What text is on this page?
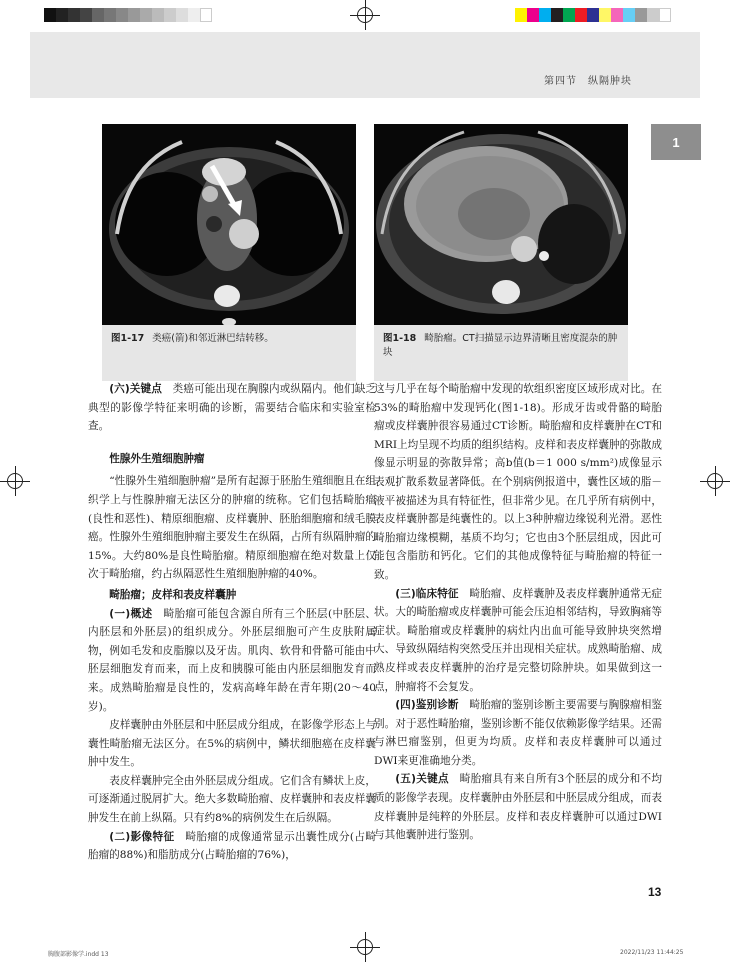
第四节　纵隔肿块
1
图1-17 类癌(箭)和邻近淋巴结转移。	图1-18 畸胎瘤。CT扫描显示边界清晰且密度混杂的肿块

(六)关键点　 类癌可能出现在胸腺内或纵隔内。他们缺乏典型的影像学特征来明确的诊断，需要结合临床和实验室检查。

性腺外生殖细胞肿瘤

“性腺外生殖细胞肿瘤”是所有起源于胚胎生殖细胞且在组织学上与性腺肿瘤无法区分的肿瘤的统称。它们包括畸胎瘤(良性和恶性)、精原细胞瘤、皮样囊肿、胚胎细胞瘤和绒毛膜癌。性腺外生殖细胞肿瘤主要发生在纵隔，占所有纵隔肿瘤的15%。大约80%是良性畸胎瘤。精原细胞瘤在绝对数量上仅次于畸胎瘤，约占纵隔恶性生殖细胞肿瘤的40%。

畸胎瘤；皮样和表皮样囊肿

(一)概述　 畸胎瘤可能包含源自所有三个胚层(中胚层、内胚层和外胚层)的组织成分。外胚层细胞可产生皮肤附属物，例如毛发和皮脂腺以及牙齿。肌肉、软骨和骨骼可能由中胚层细胞发育而来，而上皮和胰腺可能由内胚层细胞发育而来。成熟畸胎瘤是良性的，发病高峰年龄在青年期(20～40岁)。

皮样囊肿由外胚层和中胚层成分组成，在影像学形态上与囊性畸胎瘤无法区分。在5%的病例中，鳞状细胞癌在皮样囊肿中发生。

表皮样囊肿完全由外胚层成分组成。它们含有鳞状上皮，可逐渐通过脱屑扩大。绝大多数畸胎瘤、皮样囊肿和表皮样囊肿发生在前上纵隔。只有约8%的病例发生在后纵隔。

(二)影像特征　 畸胎瘤的成像通常显示出囊性成分(占畸胎瘤的88%)和脂肪成分(占畸胎瘤的76%)，

这与几乎在每个畸胎瘤中发现的软组织密度区域形成对比。在53%的畸胎瘤中发现钙化(图1-18)。形成牙齿或骨骼的畸胎瘤或皮样囊肿很容易通过CT诊断。畸胎瘤和皮样囊肿在CT和MRI上均呈现不均质的组织结构。皮样和表皮样囊肿的弥散成像显示明显的弥散异常；高b值(b＝1 000 s/mm²)成像显示表观扩散系数显著降低。在个别病例报道中，囊性区域的脂－液平被描述为具有特征性，但非常少见。在几乎所有病例中，表皮样囊肿都是纯囊性的。以上3种肿瘤边缘锐利光滑。恶性畸胎瘤边缘模糊，基质不均匀；它也由3个胚层组成，因此可能包含脂肪和钙化。它们的其他成像特征与畸胎瘤的特征一致。

(三)临床特征　 畸胎瘤、皮样囊肿及表皮样囊肿通常无症状。大的畸胎瘤或皮样囊肿可能会压迫相邻结构，导致胸痛等症状。畸胎瘤或皮样囊肿的病灶内出血可能导致肿块突然增大、导致纵隔结构突然受压并出现相关症状。成熟畸胎瘤、成熟皮样或表皮样囊肿的治疗是完整切除肿块。如果做到这一点，肿瘤将不会复发。

(四)鉴别诊断　 畸胎瘤的鉴别诊断主要需要与胸腺瘤相鉴别。对于恶性畸胎瘤，鉴别诊断不能仅依赖影像学结果。还需与淋巴瘤鉴别，但更为均质。皮样和表皮样囊肿可以通过DWI来更准确地分类。

(五)关键点　 畸胎瘤具有来自所有3个胚层的成分和不均质的影像学表现。皮样囊肿由外胚层和中胚层成分组成，而表皮样囊肿是纯粹的外胚层。皮样和表皮样囊肿可以通过DWI与其他囊肿进行鉴别。

13
胸腹部影像学.indd 13	2022/11/23 11:44:25
